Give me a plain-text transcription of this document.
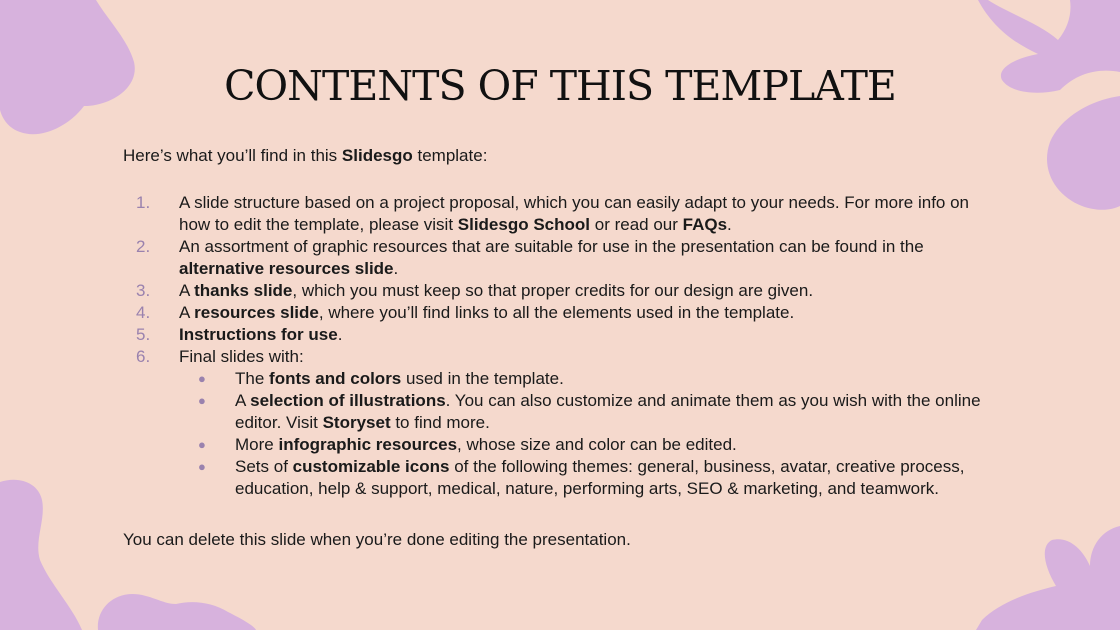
CONTENTS OF THIS TEMPLATE
Here’s what you’ll find in this Slidesgo template:
1. A slide structure based on a project proposal, which you can easily adapt to your needs. For more info on how to edit the template, please visit Slidesgo School or read our FAQs.
2. An assortment of graphic resources that are suitable for use in the presentation can be found in the alternative resources slide.
3. A thanks slide, which you must keep so that proper credits for our design are given.
4. A resources slide, where you’ll find links to all the elements used in the template.
5. Instructions for use.
6. Final slides with:
● The fonts and colors used in the template.
● A selection of illustrations. You can also customize and animate them as you wish with the online editor. Visit Storyset to find more.
● More infographic resources, whose size and color can be edited.
● Sets of customizable icons of the following themes: general, business, avatar, creative process, education, help & support, medical, nature, performing arts, SEO & marketing, and teamwork.
You can delete this slide when you’re done editing the presentation.
